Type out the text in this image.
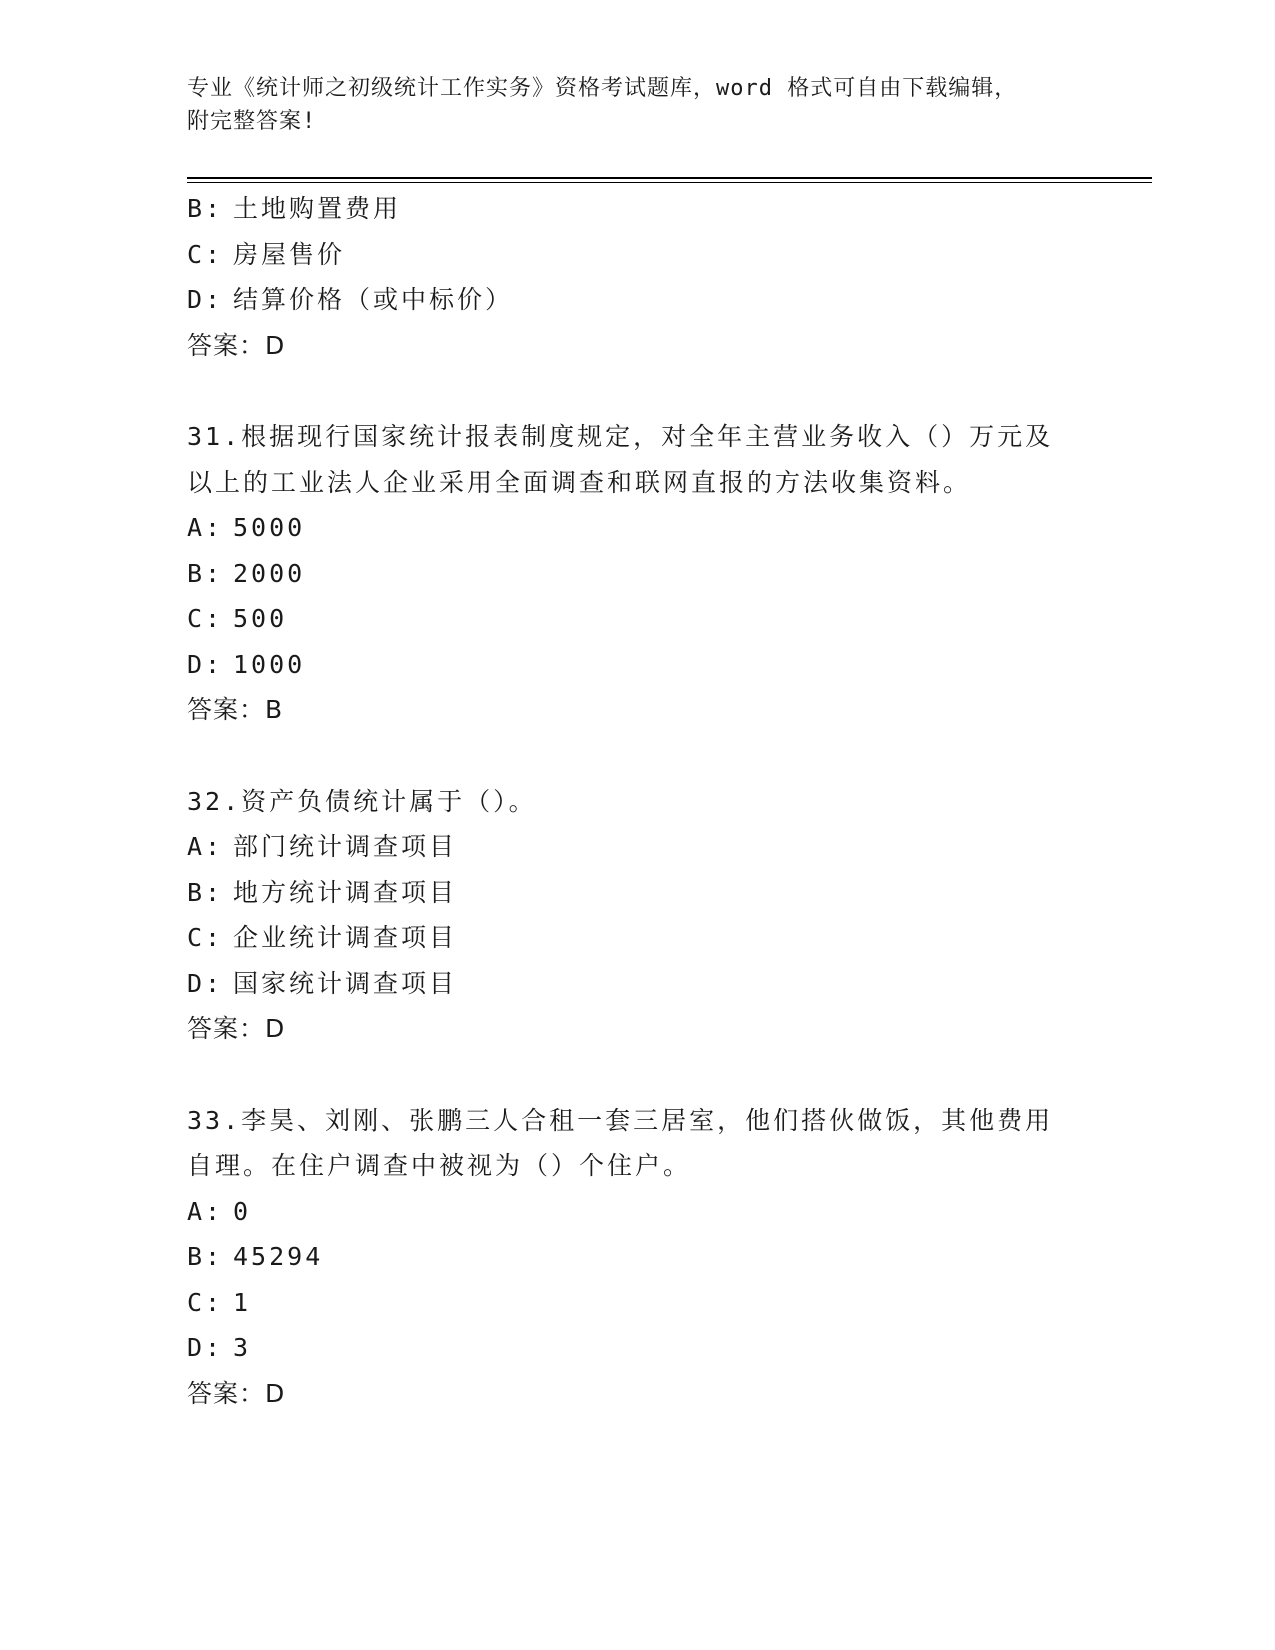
专业《统计师之初级统计工作实务》资格考试题库，word 格式可自由下载编辑，
附完整答案!
B: 土地购置费用
C: 房屋售价
D: 结算价格（或中标价）
答案：D
31.根据现行国家统计报表制度规定，对全年主营业务收入（）万元及
以上的工业法人企业采用全面调查和联网直报的方法收集资料。
A: 5000
B: 2000
C: 500
D: 1000
答案：B
32.资产负债统计属于（）。
A: 部门统计调查项目
B: 地方统计调查项目
C: 企业统计调查项目
D: 国家统计调查项目
答案：D
33.李昊、刘刚、张鹏三人合租一套三居室，他们搭伙做饭，其他费用
自理。在住户调查中被视为（）个住户。
A: 0
B: 45294
C: 1
D: 3
答案：D
